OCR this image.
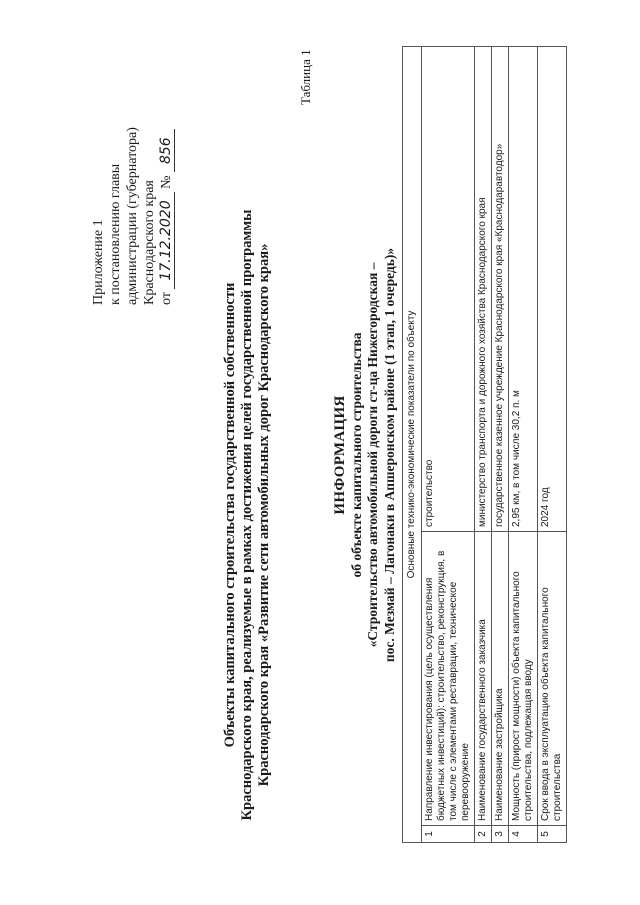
Приложение 1 к постановлению главы администрации (губернатора) Краснодарского края от 17.12.2020 № 856
Объекты капитального строительства государственной собственности Краснодарского края, реализуемые в рамках достижения целей государственной программы Краснодарского края «Развитие сети автомобильных дорог Краснодарского края»
Таблица 1
ИНФОРМАЦИЯ об объекте капитального строительства «Строительство автомобильной дороги ст-ца Нижегородская – пос. Мезмай – Лагонаки в Апшеронском районе (1 этап, 1 очередь)» Основные технико-экономические показатели по объекту		
1	Направление инвестирования (цель осуществления бюджетных инвестиций): строительство, реконструкция, в том числе с элементами реставрации, техническое перевооружение	строительство
2	Наименование государственного заказчика	министерство транспорта и дорожного хозяйства Краснодарского края
3	Наименование застройщика	государственное казенное учреждение Краснодарского края «Краснодаравтодор»
4	Мощность (прирост мощности) объекта капитального строительства, подлежащая вводу	2,95 км, в том числе 30,2 п. м
5	Срок ввода в эксплуатацию объекта капитального строительства	2024 год
